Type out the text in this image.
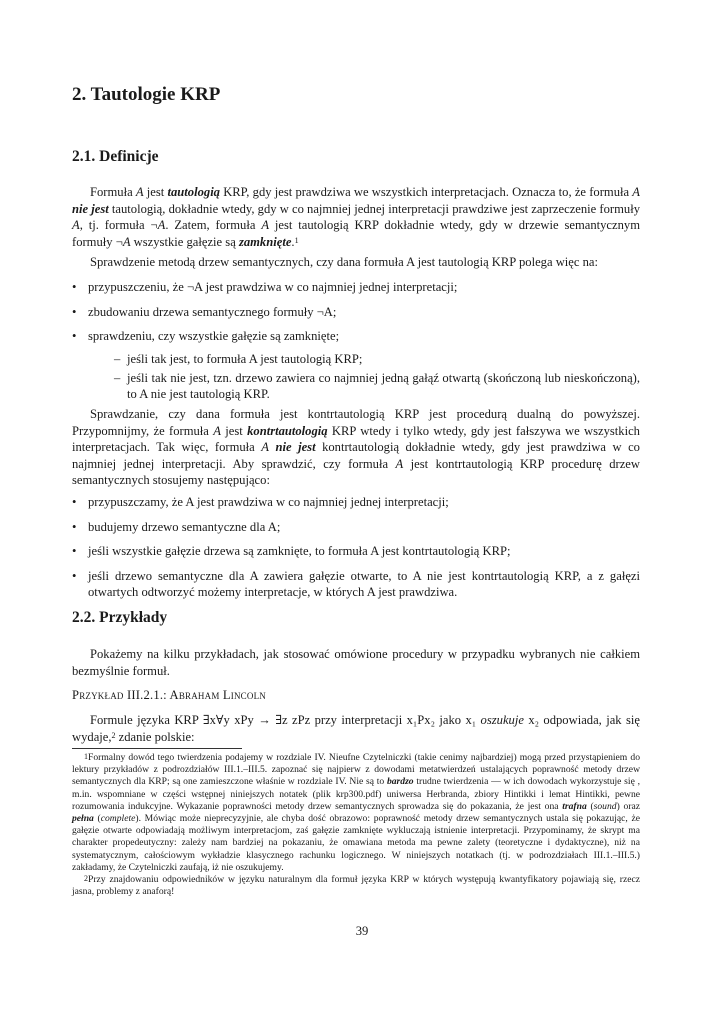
2. Tautologie KRP
2.1. Definicje

Formuła A jest tautologią KRP, gdy jest prawdziwa we wszystkich interpretacjach. Oznacza to, że formuła A nie jest tautologią, dokładnie wtedy, gdy w co najmniej jednej interpretacji prawdziwe jest zaprzeczenie formuły A, tj. formuła ¬A. Zatem, formuła A jest tautologią KRP dokładnie wtedy, gdy w drzewie semantycznym formuły ¬A wszystkie gałęzie są zamknięte.$^1$

Sprawdzenie metodą drzew semantycznych, czy dana formuła A jest tautologią KRP polega więc na:

• przypuszczeniu, że ¬A jest prawdziwa w co najmniej jednej interpretacji;
• zbudowaniu drzewa semantycznego formuły ¬A;
• sprawdzeniu, czy wszystkie gałęzie są zamknięte;
– jeśli tak jest, to formuła A jest tautologią KRP;
– jeśli tak nie jest, tzn. drzewo zawiera co najmniej jedną gałąź otwartą (skończoną lub nieskończoną), to A nie jest tautologią KRP.

Sprawdzanie, czy dana formuła jest kontrtautologią KRP jest procedurą dualną do powyższej. Przypomnijmy, że formuła A jest kontrtautologią KRP wtedy i tylko wtedy, gdy jest fałszywa we wszystkich interpretacjach. Tak więc, formuła A nie jest kontrtautologią dokładnie wtedy, gdy jest prawdziwa w co najmniej jednej interpretacji. Aby sprawdzić, czy formuła A jest kontrtautologią KRP procedurę drzew semantycznych stosujemy następująco:

• przypuszczamy, że A jest prawdziwa w co najmniej jednej interpretacji;
• budujemy drzewo semantyczne dla A;
• jeśli wszystkie gałęzie drzewa są zamknięte, to formuła A jest kontrtautologią KRP;
• jeśli drzewo semantyczne dla A zawiera gałęzie otwarte, to A nie jest kontrtautologią KRP, a z gałęzi otwartych odtworzyć możemy interpretacje, w których A jest prawdziwa.
2.2. Przykłady

Pokażemy na kilku przykładach, jak stosować omówione procedury w przypadku wybranych nie całkiem bezmyślnie formuł.

Przykład III.2.1.: Abraham Lincoln

Formule języka KRP ∃x∀y xPy → ∃z zPz przy interpretacji x₁Px₂ jako x₁ oszukuje x₂ odpowiada, jak się wydaje,$^2$ zdanie polskie:

$^1$Formalny dowód tego twierdzenia podajemy w rozdziale IV. Nieufne Czytelniczki (takie cenimy najbardziej) mogą przed przystąpieniem do lektury przykładów z podrozdziałów III.1.–III.5. zapoznać się najpierw z dowodami metatwierdzeń ustalających poprawność metody drzew semantycznych dla KRP; są one zamieszczone właśnie w rozdziale IV. Nie są to bardzo trudne twierdzenia — w ich dowodach wykorzystuje się , m.in. wspomniane w części wstępnej niniejszych notatek (plik krp300.pdf) uniwersa Herbranda, zbiory Hintikki i lemat Hintikki, pewne rozumowania indukcyjne. Wykazanie poprawności metody drzew semantycznych sprowadza się do pokazania, że jest ona trafna (sound) oraz pełna (complete). Mówiąc może nieprecyzyjnie, ale chyba dość obrazowo: poprawność metody drzew semantycznych ustala się pokazując, że gałęzie otwarte odpowiadają możliwym interpretacjom, zaś gałęzie zamknięte wykluczają istnienie interpretacji. Przypominamy, że skrypt ma charakter propedeutyczny: zależy nam bardziej na pokazaniu, że omawiana metoda ma pewne zalety (teoretyczne i dydaktyczne), niż na systematycznym, całościowym wykładzie klasycznego rachunku logicznego. W niniejszych notatkach (tj. w podrozdziałach III.1.–III.5.) zakładamy, że Czytelniczki zaufają, iż nie oszukujemy.

$^2$Przy znajdowaniu odpowiedników w języku naturalnym dla formuł języka KRP w których występują kwantyfikatory pojawiają się, rzecz jasna, problemy z anaforą!

39
